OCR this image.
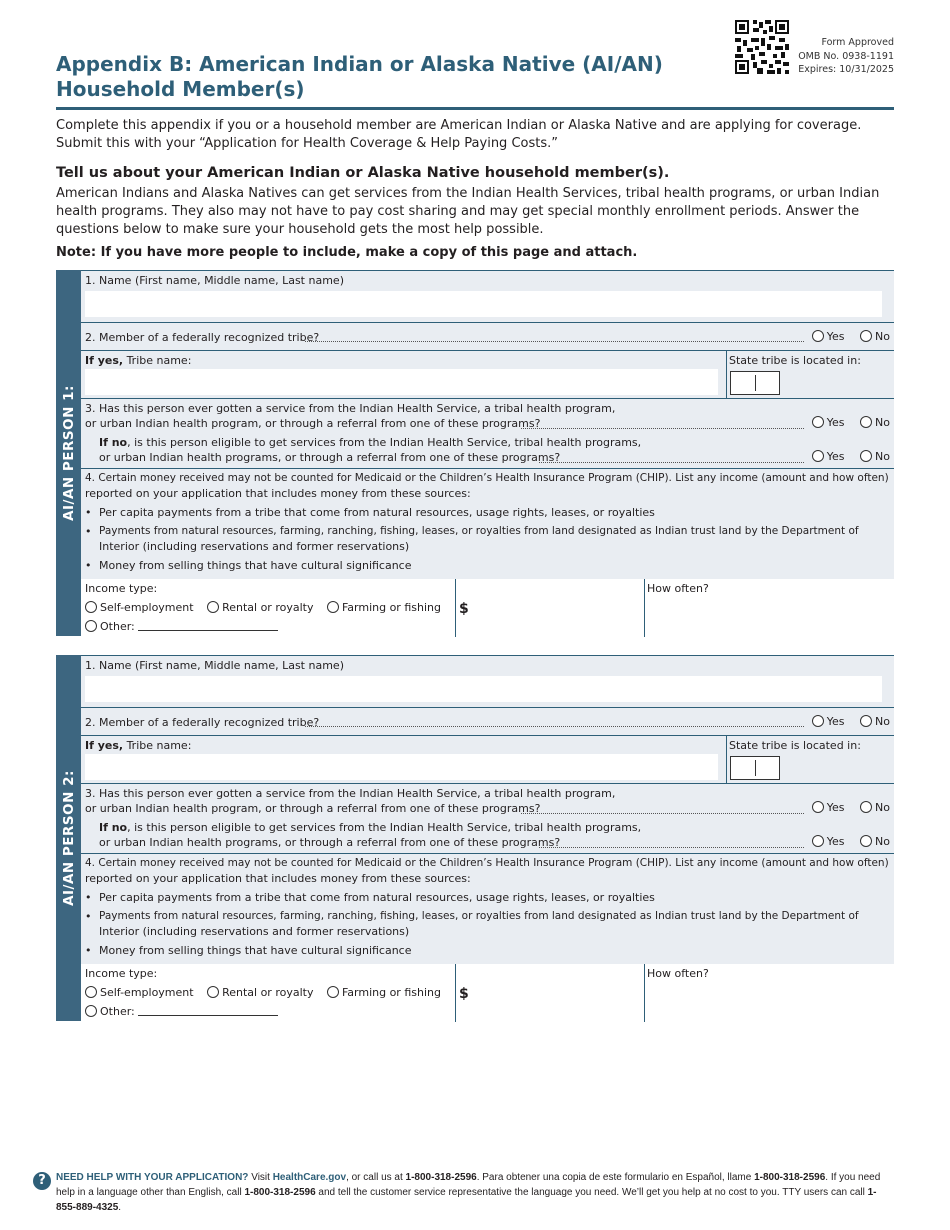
Appendix B: American Indian or Alaska Native (AI/AN)
Household Member(s)
Form Approved
OMB No. 0938-1191
Expires: 10/31/2025
Complete this appendix if you or a household member are American Indian or Alaska Native and are applying for coverage. Submit this with your “Application for Health Coverage & Help Paying Costs.”
Tell us about your American Indian or Alaska Native household member(s).
American Indians and Alaska Natives can get services from the Indian Health Services, tribal health programs, or urban Indian health programs. They also may not have to pay cost sharing and may get special monthly enrollment periods. Answer the questions below to make sure your household gets the most help possible.
Note: If you have more people to include, make a copy of this page and attach.
AI/AN PERSON 1:
1. Name (First name, Middle name, Last name)
2. Member of a federally recognized tribe?	Yes	No
If yes, Tribe name:	State tribe is located in:
3. Has this person ever gotten a service from the Indian Health Service, a tribal health program,
or urban Indian health program, or through a referral from one of these programs?	Yes	No
If no, is this person eligible to get services from the Indian Health Service, tribal health programs,
or urban Indian health programs, or through a referral from one of these programs?	Yes	No
4. Certain money received may not be counted for Medicaid or the Children’s Health Insurance Program (CHIP). List any income (amount and how often)
reported on your application that includes money from these sources:
• Per capita payments from a tribe that come from natural resources, usage rights, leases, or royalties
• Payments from natural resources, farming, ranching, fishing, leases, or royalties from land designated as Indian trust land by the Department of
Interior (including reservations and former reservations)
• Money from selling things that have cultural significance
Income type:
Self-employment	Rental or royalty	Farming or fishing
Other:
$
How often?
AI/AN PERSON 2:
1. Name (First name, Middle name, Last name)
2. Member of a federally recognized tribe?	Yes	No
If yes, Tribe name:	State tribe is located in:
3. Has this person ever gotten a service from the Indian Health Service, a tribal health program,
or urban Indian health program, or through a referral from one of these programs?	Yes	No
If no, is this person eligible to get services from the Indian Health Service, tribal health programs,
or urban Indian health programs, or through a referral from one of these programs?	Yes	No
4. Certain money received may not be counted for Medicaid or the Children’s Health Insurance Program (CHIP). List any income (amount and how often)
reported on your application that includes money from these sources:
• Per capita payments from a tribe that come from natural resources, usage rights, leases, or royalties
• Payments from natural resources, farming, ranching, fishing, leases, or royalties from land designated as Indian trust land by the Department of
Interior (including reservations and former reservations)
• Money from selling things that have cultural significance
Income type:
Self-employment	Rental or royalty	Farming or fishing
Other:
$
How often?
?	NEED HELP WITH YOUR APPLICATION? Visit HealthCare.gov, or call us at 1-800-318-2596. Para obtener una copia de este formulario en Español, llame 1-800-318-2596. If you need help in a language other than English, call 1-800-318-2596 and tell the customer service representative the language you need. We’ll get you help at no cost to you. TTY users can call 1-855-889-4325.
